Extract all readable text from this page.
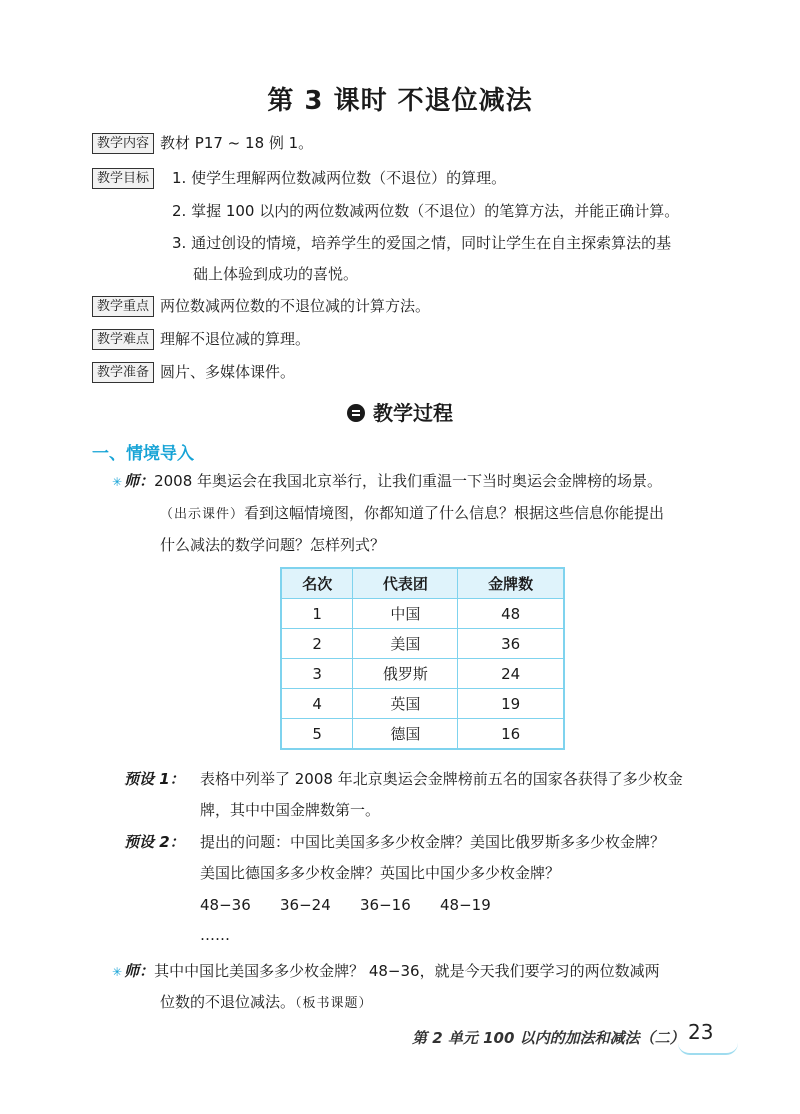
第 3 课时 不退位减法
教学内容 教材 P17 ~ 18 例 1。
教学目标	1. 使学生理解两位数减两位数（不退位）的算理。
2. 掌握 100 以内的两位数减两位数（不退位）的笔算方法，并能正确计算。
3. 通过创设的情境，培养学生的爱国之情，同时让学生在自主探索算法的基
础上体验到成功的喜悦。
教学重点 两位数减两位数的不退位减的计算方法。
教学难点 理解不退位减的算理。
教学准备 圆片、多媒体课件。
教学过程
一、情境导入
✳ 师：2008 年奥运会在我国北京举行，让我们重温一下当时奥运会金牌榜的场景。
（出示课件）看到这幅情境图，你都知道了什么信息？根据这些信息你能提出
什么减法的数学问题？怎样列式？
名次	代表团	金牌数
1	中国	48
2	美国	36
3	俄罗斯	24
4	英国	19
5	德国	16
预设 1： 表格中列举了 2008 年北京奥运会金牌榜前五名的国家各获得了多少枚金
牌，其中中国金牌数第一。
预设 2： 提出的问题：中国比美国多多少枚金牌？美国比俄罗斯多多少枚金牌？
美国比德国多多少枚金牌？英国比中国少多少枚金牌？
48−36 36−24 36−16 48−19
……
✳ 师：其中中国比美国多多少枚金牌？ 48−36，就是今天我们要学习的两位数减两
位数的不退位减法。（板书课题）
第 2 单元 100 以内的加法和减法（二） 23
